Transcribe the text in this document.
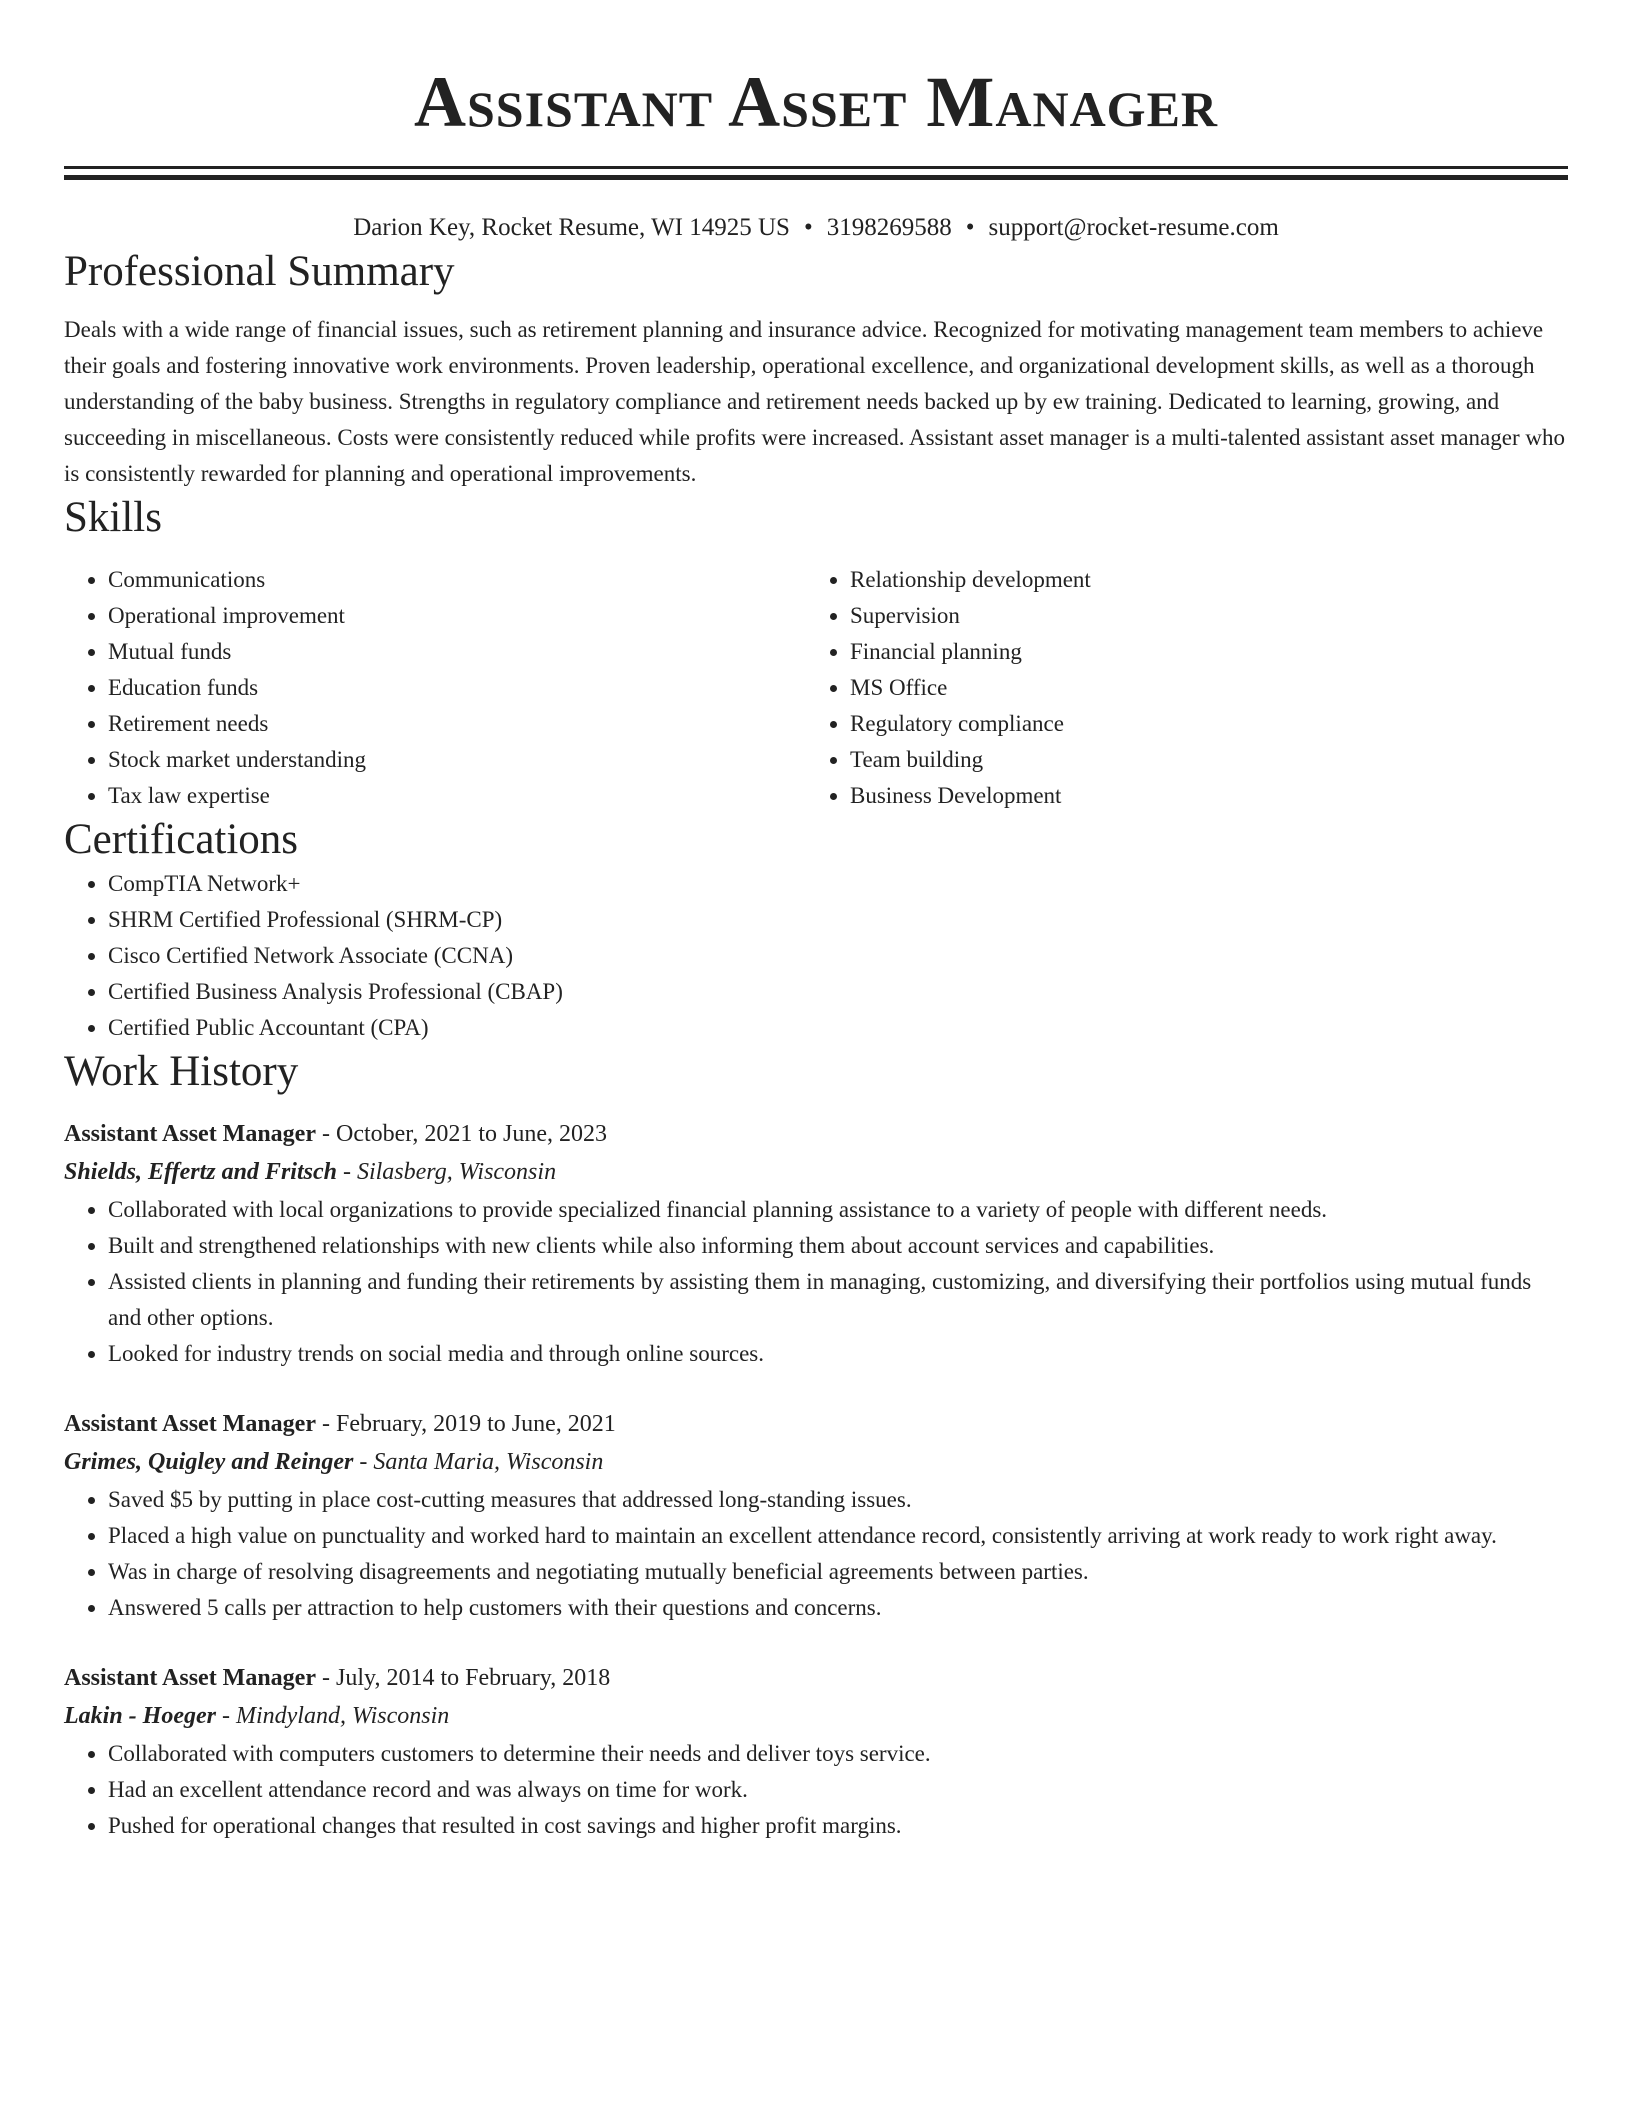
Assistant Asset Manager
Darion Key, Rocket Resume, WI 14925 US • 3198269588 • support@rocket-resume.com
Professional Summary
Deals with a wide range of financial issues, such as retirement planning and insurance advice. Recognized for motivating management team members to achieve their goals and fostering innovative work environments. Proven leadership, operational excellence, and organizational development skills, as well as a thorough understanding of the baby business. Strengths in regulatory compliance and retirement needs backed up by ew training. Dedicated to learning, growing, and succeeding in miscellaneous. Costs were consistently reduced while profits were increased. Assistant asset manager is a multi-talented assistant asset manager who is consistently rewarded for planning and operational improvements.
Skills
• Communications
• Operational improvement
• Mutual funds
• Education funds
• Retirement needs
• Stock market understanding
• Tax law expertise
• Relationship development
• Supervision
• Financial planning
• MS Office
• Regulatory compliance
• Team building
• Business Development
Certifications
• CompTIA Network+
• SHRM Certified Professional (SHRM-CP)
• Cisco Certified Network Associate (CCNA)
• Certified Business Analysis Professional (CBAP)
• Certified Public Accountant (CPA)
Work History
Assistant Asset Manager - October, 2021 to June, 2023
Shields, Effertz and Fritsch - Silasberg, Wisconsin
• Collaborated with local organizations to provide specialized financial planning assistance to a variety of people with different needs.
• Built and strengthened relationships with new clients while also informing them about account services and capabilities.
• Assisted clients in planning and funding their retirements by assisting them in managing, customizing, and diversifying their portfolios using mutual funds and other options.
• Looked for industry trends on social media and through online sources.
Assistant Asset Manager - February, 2019 to June, 2021
Grimes, Quigley and Reinger - Santa Maria, Wisconsin
• Saved $5 by putting in place cost-cutting measures that addressed long-standing issues.
• Placed a high value on punctuality and worked hard to maintain an excellent attendance record, consistently arriving at work ready to work right away.
• Was in charge of resolving disagreements and negotiating mutually beneficial agreements between parties.
• Answered 5 calls per attraction to help customers with their questions and concerns.
Assistant Asset Manager - July, 2014 to February, 2018
Lakin - Hoeger - Mindyland, Wisconsin
• Collaborated with computers customers to determine their needs and deliver toys service.
• Had an excellent attendance record and was always on time for work.
• Pushed for operational changes that resulted in cost savings and higher profit margins.
